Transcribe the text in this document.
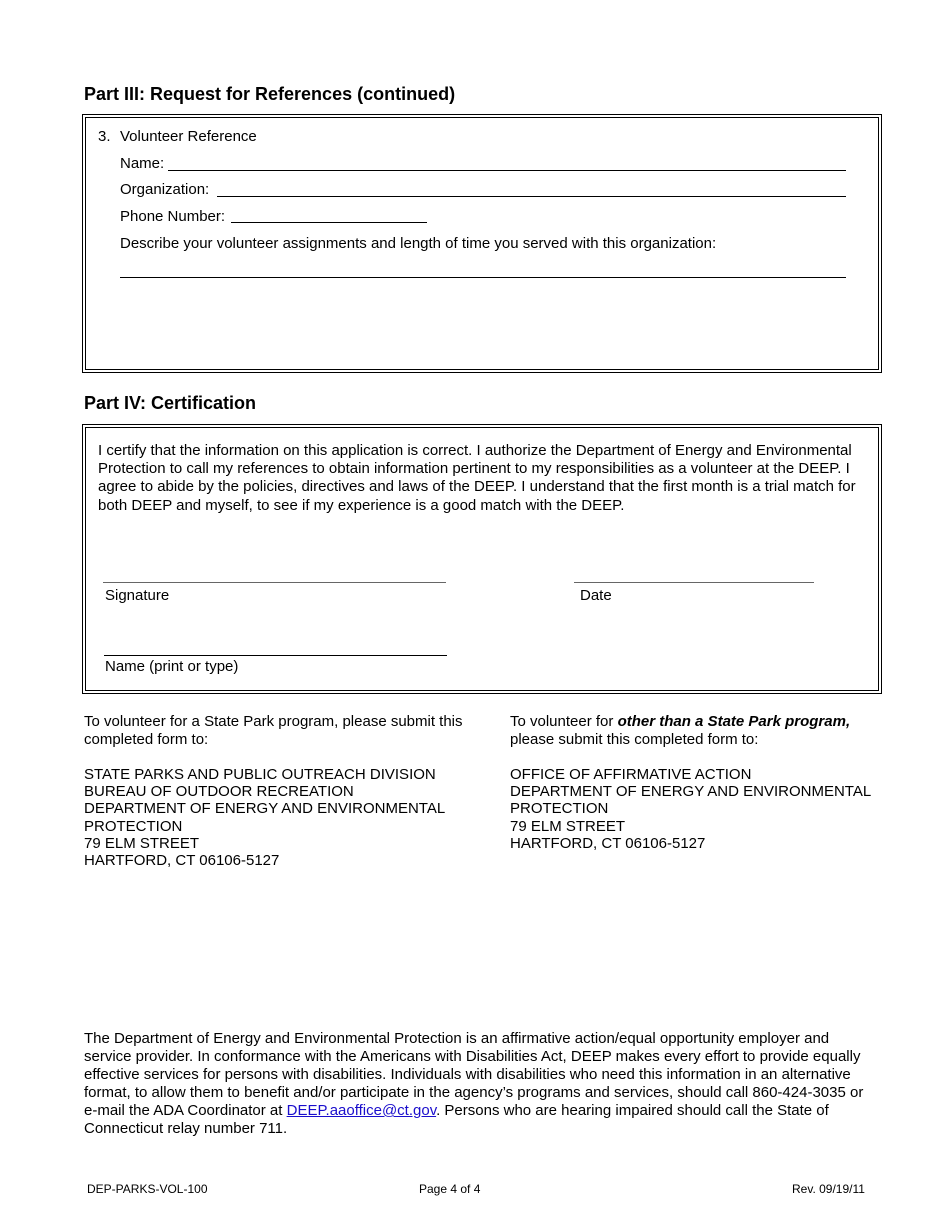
Part III: Request for References (continued)
3. Volunteer Reference
Name:
Organization:
Phone Number:
Describe your volunteer assignments and length of time you served with this organization:
Part IV: Certification
I certify that the information on this application is correct. I authorize the Department of Energy and Environmental Protection to call my references to obtain information pertinent to my responsibilities as a volunteer at the DEEP. I agree to abide by the policies, directives and laws of the DEEP. I understand that the first month is a trial match for both DEEP and myself, to see if my experience is a good match with the DEEP.
Signature	Date
Name (print or type)
To volunteer for a State Park program, please submit this completed form to:
STATE PARKS AND PUBLIC OUTREACH DIVISION
BUREAU OF OUTDOOR RECREATION
DEPARTMENT OF ENERGY AND ENVIRONMENTAL
PROTECTION
79 ELM STREET
HARTFORD, CT 06106-5127
To volunteer for other than a State Park program,
please submit this completed form to:
OFFICE OF AFFIRMATIVE ACTION
DEPARTMENT OF ENERGY AND ENVIRONMENTAL
PROTECTION
79 ELM STREET
HARTFORD, CT 06106-5127
The Department of Energy and Environmental Protection is an affirmative action/equal opportunity employer and service provider. In conformance with the Americans with Disabilities Act, DEEP makes every effort to provide equally effective services for persons with disabilities. Individuals with disabilities who need this information in an alternative format, to allow them to benefit and/or participate in the agency’s programs and services, should call 860-424-3035 or e-mail the ADA Coordinator at DEEP.aaoffice@ct.gov. Persons who are hearing impaired should call the State of Connecticut relay number 711.
DEP-PARKS-VOL-100	Page 4 of 4	Rev. 09/19/11
